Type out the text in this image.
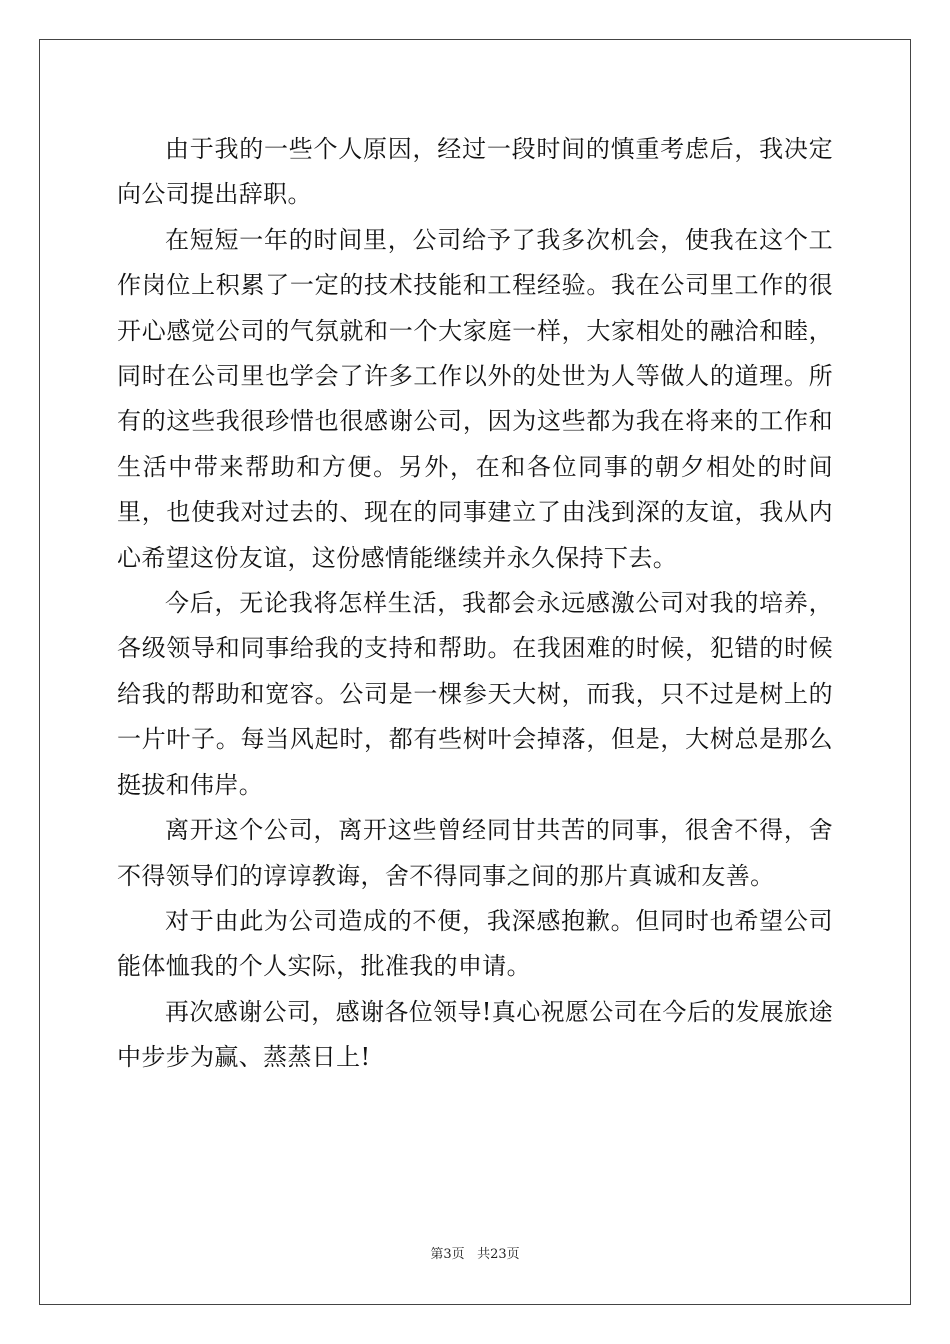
由于我的一些个人原因，经过一段时间的慎重考虑后，我决定向公司提出辞职。

在短短一年的时间里，公司给予了我多次机会，使我在这个工作岗位上积累了一定的技术技能和工程经验。我在公司里工作的很开心感觉公司的气氛就和一个大家庭一样，大家相处的融洽和睦，同时在公司里也学会了许多工作以外的处世为人等做人的道理。所有的这些我很珍惜也很感谢公司，因为这些都为我在将来的工作和生活中带来帮助和方便。另外，在和各位同事的朝夕相处的时间里，也使我对过去的、现在的同事建立了由浅到深的友谊，我从内心希望这份友谊，这份感情能继续并永久保持下去。

今后，无论我将怎样生活，我都会永远感激公司对我的培养，各级领导和同事给我的支持和帮助。在我困难的时候，犯错的时候给我的帮助和宽容。公司是一棵参天大树，而我，只不过是树上的一片叶子。每当风起时，都有些树叶会掉落，但是，大树总是那么挺拔和伟岸。

离开这个公司，离开这些曾经同甘共苦的同事，很舍不得，舍不得领导们的谆谆教诲，舍不得同事之间的那片真诚和友善。

对于由此为公司造成的不便，我深感抱歉。但同时也希望公司能体恤我的个人实际，批准我的申请。

再次感谢公司，感谢各位领导!真心祝愿公司在今后的发展旅途中步步为赢、蒸蒸日上!

第3页 共23页
